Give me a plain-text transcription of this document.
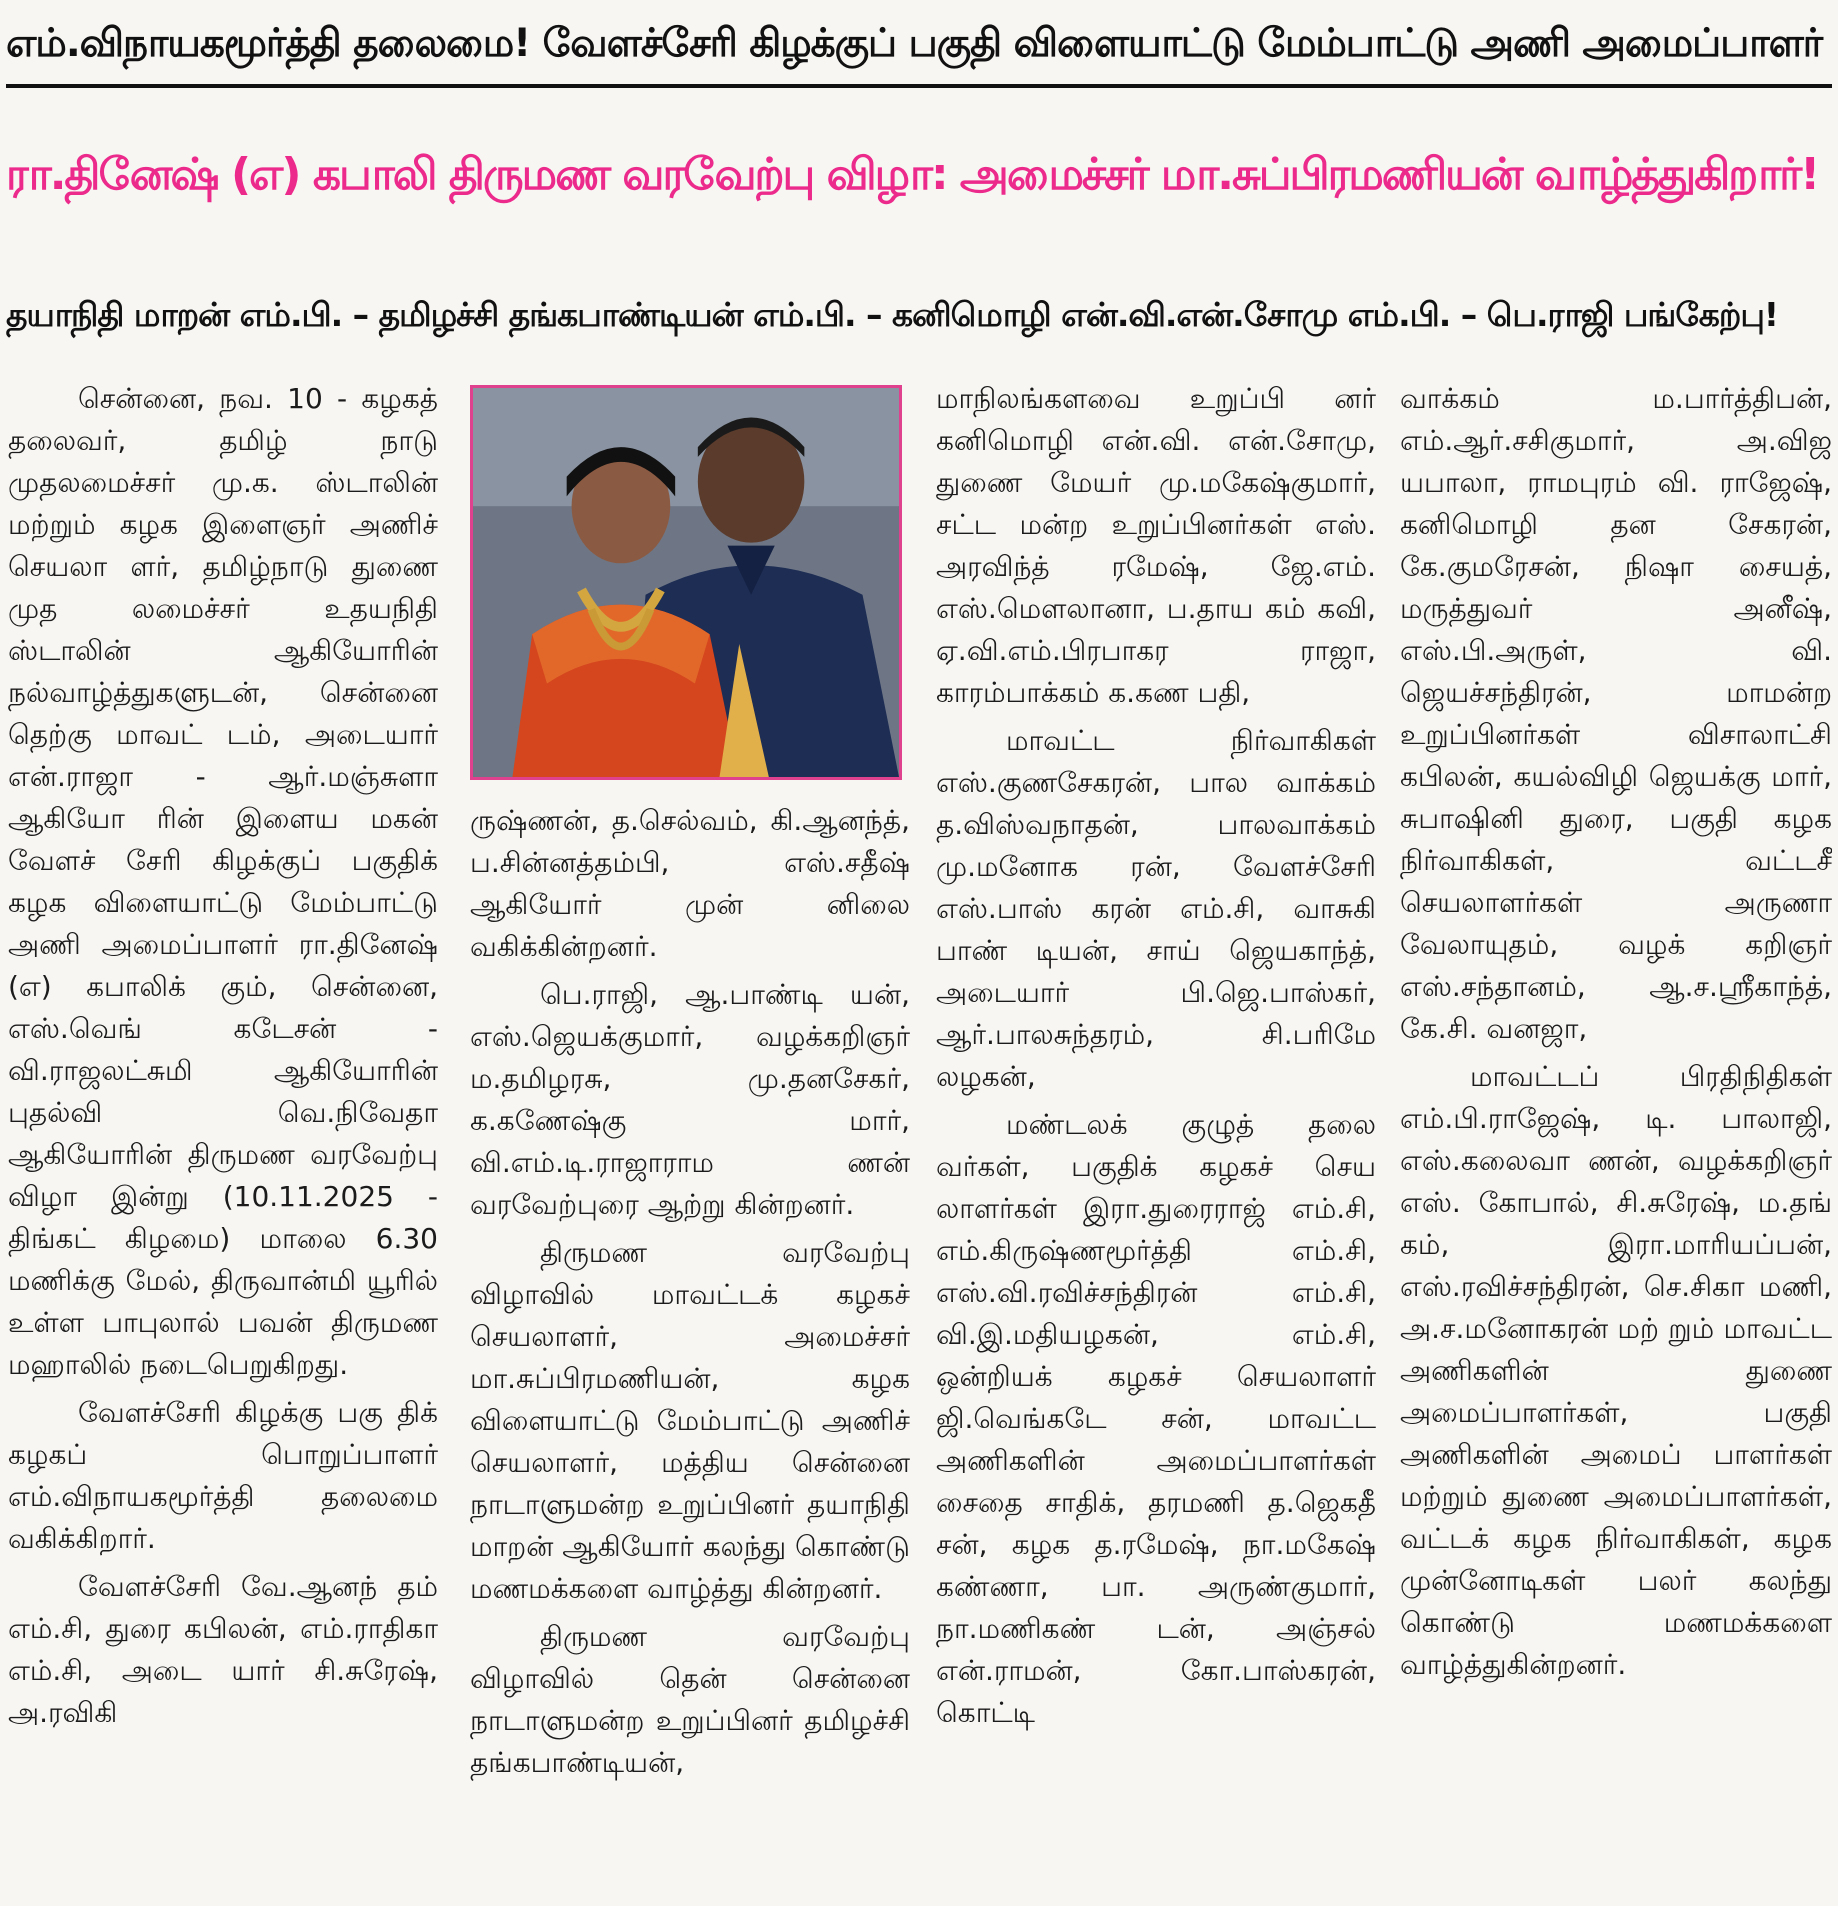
எம்.விநாயகமூர்த்தி தலைமை! வேளச்சேரி கிழக்குப் பகுதி விளையாட்டு மேம்பாட்டு அணி அமைப்பாளர்
ரா.தினேஷ் (எ) கபாலி திருமண வரவேற்பு விழா: அமைச்சர் மா.சுப்பிரமணியன் வாழ்த்துகிறார்!
தயாநிதி மாறன் எம்.பி. – தமிழச்சி தங்கபாண்டியன் எம்.பி. – கனிமொழி என்.வி.என்.சோமு எம்.பி. – பெ.ராஜி பங்கேற்பு!

சென்னை, நவ. 10 - கழகத் தலைவர், தமிழ் நாடு முதலமைச்சர் மு.க. ஸ்டாலின் மற்றும் கழக இளைஞர் அணிச் செயலா ளர், தமிழ்நாடு துணை முத லமைச்சர் உதயநிதி ஸ்டாலின் ஆகியோரின் நல்வாழ்த்துகளுடன், சென்னை தெற்கு மாவட் டம், அடையார் என்.ராஜா - ஆர்.மஞ்சுளா ஆகியோ ரின் இளைய மகன் வேளச் சேரி கிழக்குப் பகுதிக் கழக விளையாட்டு மேம்பாட்டு அணி அமைப்பாளர் ரா.தினேஷ் (எ) கபாலிக் கும், சென்னை, எஸ்.வெங் கடேசன் - வி.ராஜலட்சுமி ஆகியோரின் புதல்வி வெ.நிவேதா ஆகியோரின் திருமண வரவேற்பு விழா இன்று (10.11.2025 - திங்கட் கிழமை) மாலை 6.30 மணிக்கு மேல், திருவான்மி யூரில் உள்ள பாபுலால் பவன் திருமண மஹாலில் நடைபெறுகிறது.

வேளச்சேரி கிழக்கு பகு திக் கழகப் பொறுப்பாளர் எம்.விநாயகமூர்த்தி தலைமை வகிக்கிறார்.

வேளச்சேரி வே.ஆனந் தம் எம்.சி, துரை கபிலன், எம்.ராதிகா எம்.சி, அடை யார் சி.சுரேஷ், அ.ரவிகி

ருஷ்ணன், த.செல்வம், கி.ஆனந்த், ப.சின்னத்தம்பி, எஸ்.சதீஷ் ஆகியோர் முன் னிலை வகிக்கின்றனர்.

பெ.ராஜி, ஆ.பாண்டி யன், எஸ்.ஜெயக்குமார், வழக்கறிஞர் ம.தமிழரசு, மு.தனசேகர், க.கணேஷ்கு மார், வி.எம்.டி.ராஜாராம ணன் வரவேற்புரை ஆற்று கின்றனர்.

திருமண வரவேற்பு விழாவில் மாவட்டக் கழகச் செயலாளர், அமைச்சர் மா.சுப்பிரமணியன், கழக விளையாட்டு மேம்பாட்டு அணிச் செயலாளர், மத்திய சென்னை நாடாளுமன்ற உறுப்பினர் தயாநிதி மாறன் ஆகியோர் கலந்து கொண்டு மணமக்களை வாழ்த்து கின்றனர்.

திருமண வரவேற்பு விழாவில் தென் சென்னை நாடாளுமன்ற உறுப்பினர் தமிழச்சி தங்கபாண்டியன்,

மாநிலங்களவை உறுப்பி னர் கனிமொழி என்.வி. என்.சோமு, துணை மேயர் மு.மகேஷ்குமார், சட்ட மன்ற உறுப்பினர்கள் எஸ். அரவிந்த் ரமேஷ், ஜே.எம். எஸ்.மௌலானா, ப.தாய கம் கவி, ஏ.வி.எம்.பிரபாகர ராஜா, காரம்பாக்கம் க.கண பதி,

மாவட்ட நிர்வாகிகள் எஸ்.குணசேகரன், பால வாக்கம் த.விஸ்வநாதன், பாலவாக்கம் மு.மனோக ரன், வேளச்சேரி எஸ்.பாஸ் கரன் எம்.சி, வாசுகி பாண் டியன், சாய் ஜெயகாந்த், அடையார் பி.ஜெ.பாஸ்கர், ஆர்.பாலசுந்தரம், சி.பரிமே லழகன்,

மண்டலக் குழுத் தலை வர்கள், பகுதிக் கழகச் செய லாளர்கள் இரா.துரைராஜ் எம்.சி, எம்.கிருஷ்ணமூர்த்தி எம்.சி, எஸ்.வி.ரவிச்சந்திரன் எம்.சி, வி.இ.மதியழகன், எம்.சி, ஒன்றியக் கழகச் செயலாளர் ஜி.வெங்கடே சன், மாவட்ட அணிகளின் அமைப்பாளர்கள் சைதை சாதிக், தரமணி த.ஜெகதீ சன், கழக த.ரமேஷ், நா.மகேஷ் கண்ணா, பா. அருண்குமார், நா.மணிகண் டன், அஞ்சல் என்.ராமன், கோ.பாஸ்கரன், கொட்டி

வாக்கம் ம.பார்த்திபன், எம்.ஆர்.சசிகுமார், அ.விஜ யபாலா, ராமபுரம் வி. ராஜேஷ், கனிமொழி தன சேகரன், கே.குமரேசன், நிஷா சையத், மருத்துவர் அனீஷ், எஸ்.பி.அருள், வி. ஜெயச்சந்திரன், மாமன்ற உறுப்பினர்கள் விசாலாட்சி கபிலன், கயல்விழி ஜெயக்கு மார், சுபாஷினி துரை, பகுதி கழக நிர்வாகிகள், வட்டசீ செயலாளர்கள் அருணா வேலாயுதம், வழக் கறிஞர் எஸ்.சந்தானம், ஆ.ச.ஸ்ரீகாந்த், கே.சி. வனஜா,

மாவட்டப் பிரதிநிதிகள் எம்.பி.ராஜேஷ், டி. பாலாஜி, எஸ்.கலைவா ணன், வழக்கறிஞர் எஸ். கோபால், சி.சுரேஷ், ம.தங் கம், இரா.மாரியப்பன், எஸ்.ரவிச்சந்திரன், செ.சிகா மணி, அ.ச.மனோகரன் மற் றும் மாவட்ட அணிகளின் துணை அமைப்பாளர்கள், பகுதி அணிகளின் அமைப் பாளர்கள் மற்றும் துணை அமைப்பாளர்கள், வட்டக் கழக நிர்வாகிகள், கழக முன்னோடிகள் பலர் கலந்து கொண்டு மணமக்களை வாழ்த்துகின்றனர்.
